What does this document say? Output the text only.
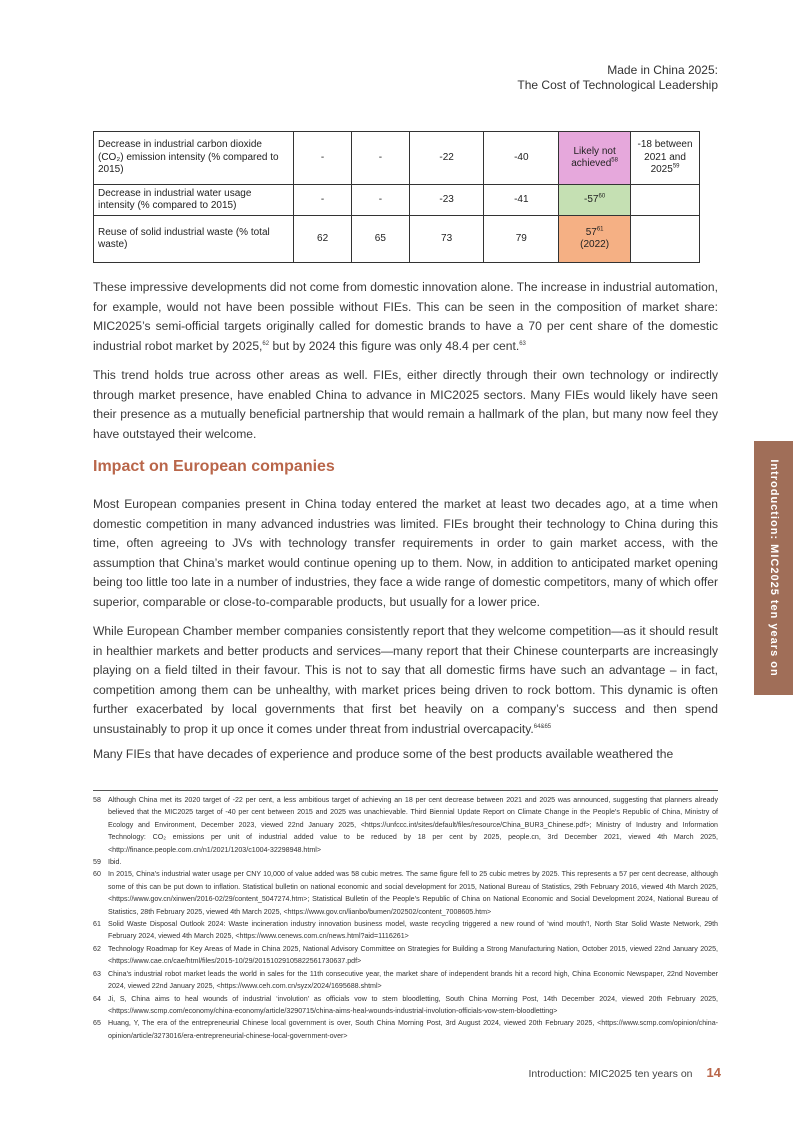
Made in China 2025:
The Cost of Technological Leadership
Decrease in industrial carbon dioxide (CO₂) emission intensity (% compared to 2015)	-	-	-22	-40	Likely not achieved$^{58}$	-18 between 2021 and 2025$^{59}$
Decrease in industrial water usage intensity (% compared to 2015)	-	-	-23	-41	$-57^{60}$	
Reuse of solid industrial waste (% total waste)	62	65	73	79	$57^{61}$
(2022)	

These impressive developments did not come from domestic innovation alone. The increase in industrial automation, for example, would not have been possible without FIEs. This can be seen in the composition of market share: MIC2025’s semi-official targets originally called for domestic brands to have a 70 per cent share of the domestic industrial robot market by 2025,62 but by 2024 this figure was only 48.4 per cent.$^{63}$

This trend holds true across other areas as well. FIEs, either directly through their own technology or indirectly through market presence, have enabled China to advance in MIC2025 sectors. Many FIEs would likely have seen their presence as a mutually beneficial partnership that would remain a hallmark of the plan, but many now feel they have outstayed their welcome.

Impact on European companies

Most European companies present in China today entered the market at least two decades ago, at a time when domestic competition in many advanced industries was limited. FIEs brought their technology to China during this time, often agreeing to JVs with technology transfer requirements in order to gain market access, with the assumption that China’s market would continue opening up to them. Now, in addition to anticipated market opening being too little too late in a number of industries, they face a wide range of domestic competitors, many of which offer superior, comparable or close-to-comparable products, but usually for a lower price.

While European Chamber member companies consistently report that they welcome competition—as it should result in healthier markets and better products and services—many report that their Chinese counterparts are increasingly playing on a field tilted in their favour. This is not to say that all domestic firms have such an advantage – in fact, competition among them can be unhealthy, with market prices being driven to rock bottom. This dynamic is often further exacerbated by local governments that first bet heavily on a company’s success and then spend unsustainably to prop it up once it comes under threat from industrial overcapacity.$^{64\&65}$

Many FIEs that have decades of experience and produce some of the best products available weathered the

Introduction: MIC2025 ten years on
58	Although China met its 2020 target of -22 per cent, a less ambitious target of achieving an 18 per cent decrease between 2021 and 2025 was announced, suggesting that planners already believed that the MIC2025 target of -40 per cent between 2015 and 2025 was unachievable. Third Biennial Update Report on Climate Change in the People’s Republic of China, Ministry of Ecology and Environment, December 2023, viewed 22nd January 2025, <https://unfccc.int/sites/default/files/resource/China_BUR3_Chinese.pdf>; Ministry of Industry and Information Technology: CO₂ emissions per unit of industrial added value to be reduced by 18 per cent by 2025, people.cn, 3rd December 2021, viewed 4th March 2025, <http://finance.people.com.cn/n1/2021/1203/c1004-32298948.html>
59	Ibid.
60	In 2015, China’s industrial water usage per CNY 10,000 of value added was 58 cubic metres. The same figure fell to 25 cubic metres by 2025. This represents a 57 per cent decrease, although some of this can be put down to inflation. Statistical bulletin on national economic and social development for 2015, National Bureau of Statistics, 29th February 2016, viewed 4th March 2025, <https://www.gov.cn/xinwen/2016-02/29/content_5047274.htm>; Statistical Bulletin of the People’s Republic of China on National Economic and Social Development 2024, National Bureau of Statistics, 28th February 2025, viewed 4th March 2025, <https://www.gov.cn/lianbo/bumen/202502/content_7008605.htm>
61	Solid Waste Disposal Outlook 2024: Waste incineration industry innovation business model, waste recycling triggered a new round of ‘wind mouth’!, North Star Solid Waste Network, 29th February 2024, viewed 4th March 2025, <https://www.cenews.com.cn/news.html?aid=1116261>
62	Technology Roadmap for Key Areas of Made in China 2025, National Advisory Committee on Strategies for Building a Strong Manufacturing Nation, October 2015, viewed 22nd January 2025, <https://www.cae.cn/cae/html/files/2015-10/29/20151029105822561730637.pdf>
63	China’s industrial robot market leads the world in sales for the 11th consecutive year, the market share of independent brands hit a record high, China Economic Newspaper, 22nd November 2024, viewed 22nd January 2025, <https://www.ceh.com.cn/syzx/2024/1695688.shtml>
64	Ji, S, China aims to heal wounds of industrial ‘involution’ as officials vow to stem bloodletting, South China Morning Post, 14th December 2024, viewed 20th February 2025, <https://www.scmp.com/economy/china-economy/article/3290715/china-aims-heal-wounds-industrial-involution-officials-vow-stem-bloodletting>
65	Huang, Y, The era of the entrepreneurial Chinese local government is over, South China Morning Post, 3rd August 2024, viewed 20th February 2025, <https://www.scmp.com/opinion/china-opinion/article/3273016/era-entrepreneurial-chinese-local-government-over>
Introduction: MIC2025 ten years on 14
